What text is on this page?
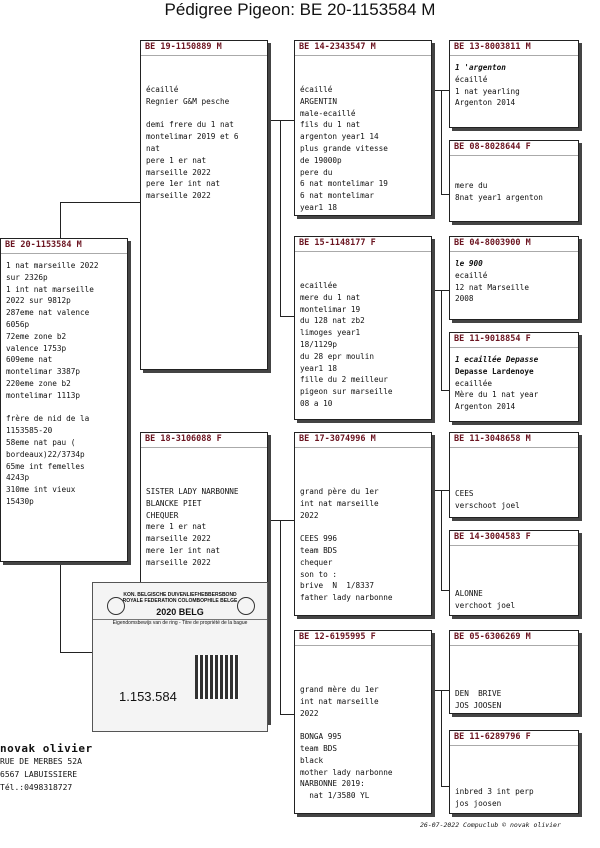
Pédigree Pigeon: BE 20-1153584 M
BE 20-1153584 M
1 nat marseille 2022
sur 2326p
1 int nat marseille
2022 sur 9812p
287eme nat valence
6056p
72eme zone b2
valence 1753p
609eme nat
montelimar 3387p
220eme zone b2
montelimar 1113p

frère de nid de la
1153585-20
58eme nat pau (
bordeaux)22/3734p
65me int femelles
4243p
310me int vieux
15430p
BE 19-1150889 M
écaillé
Regnier G&M pesche

demi frere du 1 nat
montelimar 2019 et 6
nat
pere 1 er nat
marseille 2022
pere 1er int nat
marseille 2022
BE 18-3106088 F
SISTER LADY NARBONNE
BLANCKE PIET
CHEQUER
mere 1 er nat
marseille 2022
mere 1er int nat
marseille 2022
BE 14-2343547 M
écaillé
ARGENTIN
male-ecaillé
fils du 1 nat
argenton year1 14
plus grande vitesse
de 19000p
pere du
6 nat montelimar 19
6 nat montelimar
year1 18
BE 15-1148177 F
ecaillée
mere du 1 nat
montelimar 19
du 128 nat zb2
limoges year1
18/1129p
du 28 epr moulin
year1 18
fille du 2 meilleur
pigeon sur marseille
08 a 10
BE 17-3074996 M
grand père du 1er
int nat marseille
2022

CEES 996
team BDS
chequer
son to :
brive  N  1/8337
father lady narbonne
BE 12-6195995 F
grand mère du 1er
int nat marseille
2022

BONGA 995
team BDS
black
mother lady narbonne
NARBONNE 2019:
nat 1/3580 YL
BE 13-8003811 M
1 'argenton
écaillé
1 nat yearling
Argenton 2014
BE 08-8028644 F

mere du
8nat year1 argenton
BE 04-8003900 M
le 900
ecaillé
12 nat Marseille
2008
BE 11-9018854 F
1 ecaillée Depasse
Depasse Lardenoye
ecaillée
Mère du 1 nat year
Argenton 2014
BE 11-3048658 M
CEES
verschoot joel
BE 14-3004583 F
ALONNE
verchoot joel
BE 05-6306269 M
DEN  BRIVE
JOS JOOSEN
BE 11-6289796 F
inbred 3 int perp
jos joosen
KON. BELGISCHE DUIVENLIEFHEBBERSBOND
ROYALE FEDERATION COLOMBOPHILE BELGE
2020 BELG
Eigendomsbewijs van de ring - Titre de propriété de la bague
1.153.584
novak olivier
RUE DE MERBES 52A
6567 LABUISSIERE
Tél.:0498318727
26-07-2022 Compuclub © novak olivier
